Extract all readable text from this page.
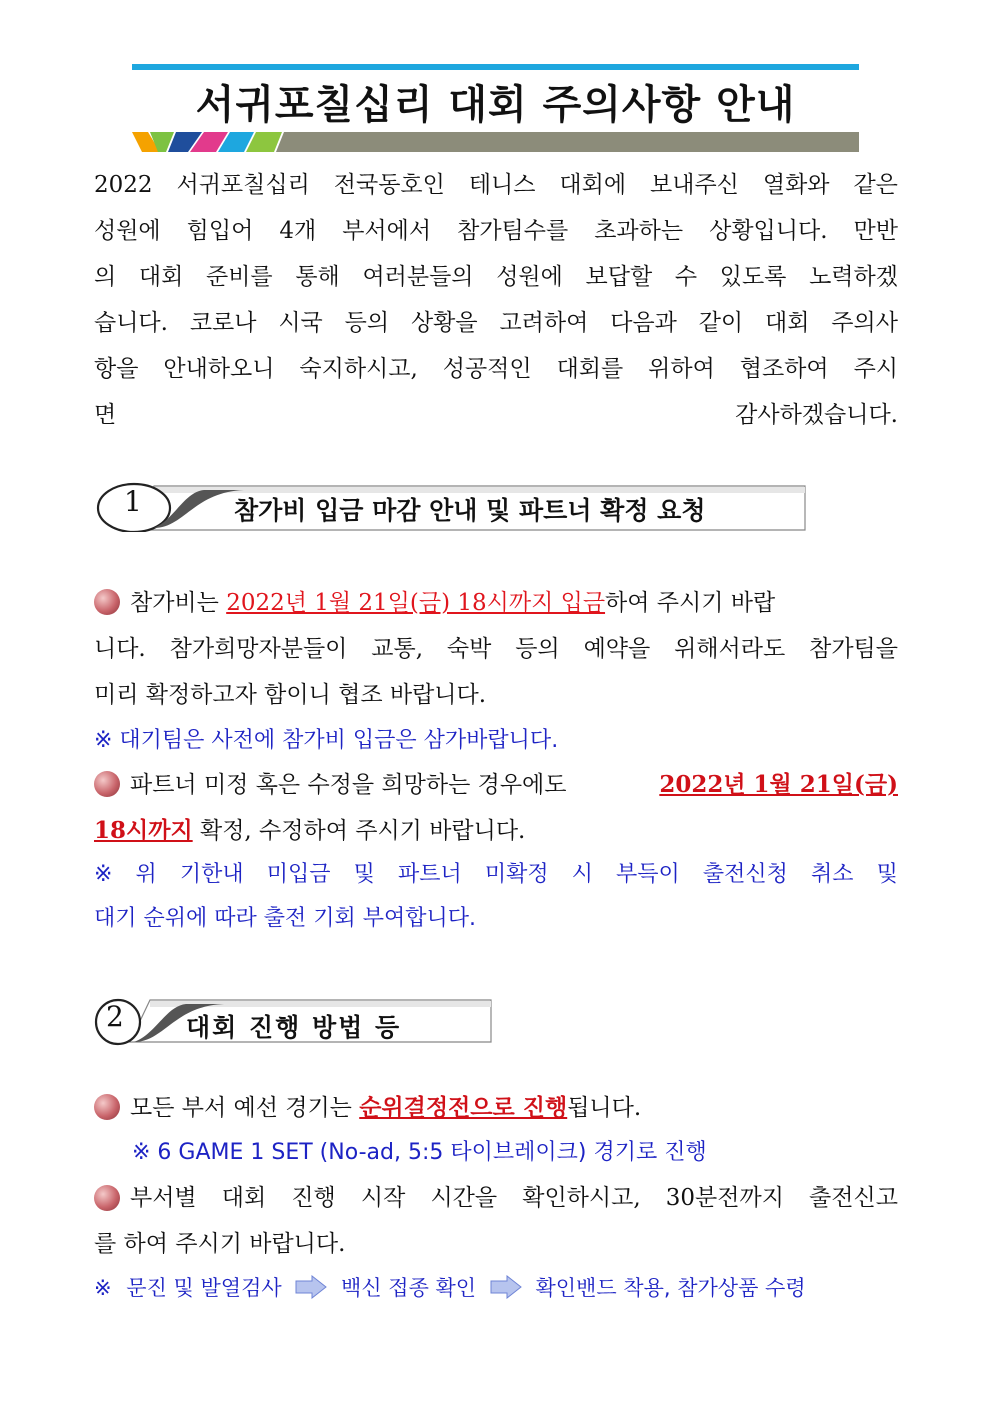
서귀포칠십리 대회 주의사항 안내
2022 서귀포칠십리 전국동호인 테니스 대회에 보내주신 열화와 같은
성원에 힘입어 4개 부서에서 참가팀수를 초과하는 상황입니다. 만반
의 대회 준비를 통해 여러분들의 성원에 보답할 수 있도록 노력하겠
습니다. 코로나 시국 등의 상황을 고려하여 다음과 같이 대회 주의사
항을 안내하오니 숙지하시고, 성공적인 대회를 위하여 협조하여 주시
면 감사하겠습니다.
1	참가비 입금 마감 안내 및 파트너 확정 요청
참가비는 2022년 1월 21일(금) 18시까지 입금하여 주시기 바랍
니다. 참가희망자분들이 교통, 숙박 등의 예약을 위해서라도 참가팀을
미리 확정하고자 함이니 협조 바랍니다.
※ 대기팀은 사전에 참가비 입금은 삼가바랍니다.
파트너 미정 혹은 수정을 희망하는 경우에도	2022년 1월 21일(금)
18시까지 확정, 수정하여 주시기 바랍니다.
※ 위 기한내 미입금 및 파트너 미확정 시 부득이 출전신청 취소 및
대기 순위에 따라 출전 기회 부여합니다.
2 대회 진행 방법 등
모든 부서 예선 경기는 순위결정전으로 진행됩니다.
※ 6 GAME 1 SET (No-ad, 5:5 타이브레이크) 경기로 진행
부서별 대회 진행 시작 시간을 확인하시고, 30분전까지 출전신고
를 하여 주시기 바랍니다.
※ 문진 및 발열검사	백신 접종 확인	확인밴드 착용, 참가상품 수령
